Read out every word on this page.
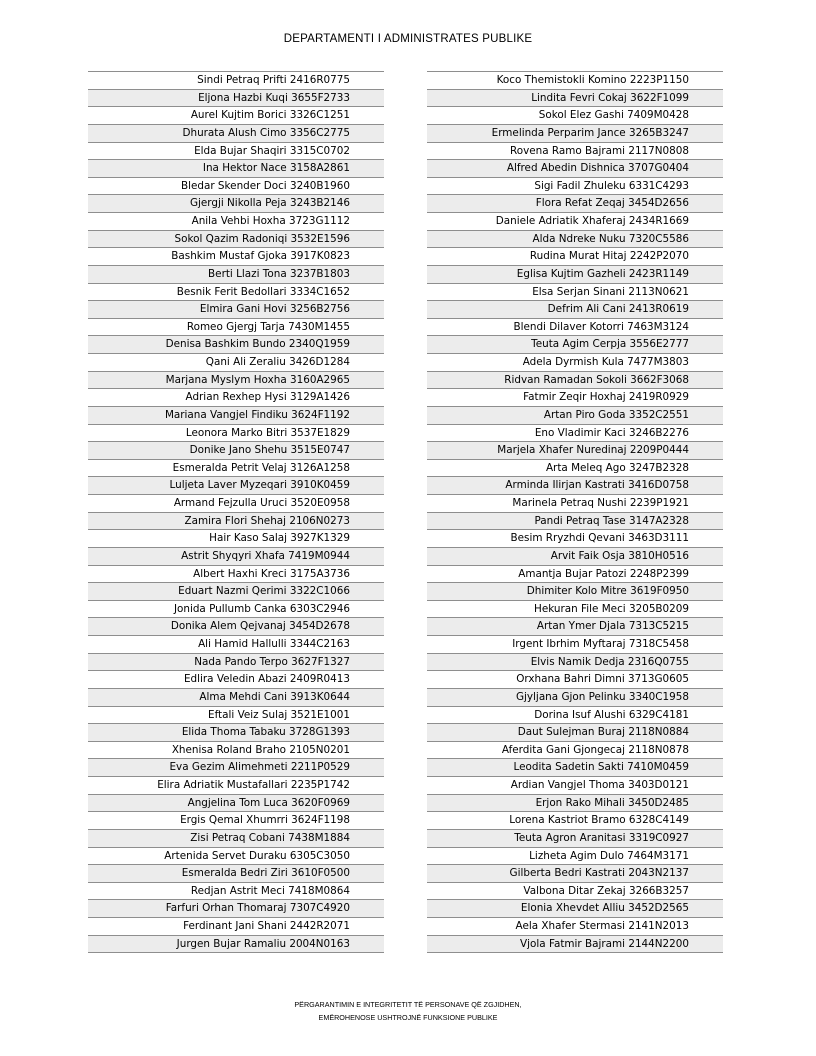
DEPARTAMENTI I ADMINISTRATES PUBLIKE
Sindi Petraq Prifti 2416R0775
Eljona Hazbi Kuqi 3655F2733
Aurel Kujtim Borici 3326C1251
Dhurata Alush Cimo 3356C2775
Elda Bujar Shaqiri 3315C0702
Ina Hektor Nace 3158A2861
Bledar Skender Doci 3240B1960
Gjergji Nikolla Peja 3243B2146
Anila Vehbi Hoxha 3723G1112
Sokol Qazim Radoniqi 3532E1596
Bashkim Mustaf Gjoka 3917K0823
Berti Llazi Tona 3237B1803
Besnik Ferit Bedollari 3334C1652
Elmira Gani Hovi 3256B2756
Romeo Gjergj Tarja 7430M1455
Denisa Bashkim Bundo 2340Q1959
Qani Ali Zeraliu 3426D1284
Marjana Myslym Hoxha 3160A2965
Adrian Rexhep Hysi 3129A1426
Mariana Vangjel Findiku 3624F1192
Leonora Marko Bitri 3537E1829
Donike Jano Shehu 3515E0747
Esmeralda Petrit Velaj 3126A1258
Luljeta Laver Myzeqari 3910K0459
Armand Fejzulla Uruci 3520E0958
Zamira Flori Shehaj 2106N0273
Hair Kaso Salaj 3927K1329
Astrit Shyqyri Xhafa 7419M0944
Albert Haxhi Kreci 3175A3736
Eduart Nazmi Qerimi 3322C1066
Jonida Pullumb Canka 6303C2946
Donika Alem Qejvanaj 3454D2678
Ali Hamid Hallulli 3344C2163
Nada Pando Terpo 3627F1327
Edlira Veledin Abazi 2409R0413
Alma Mehdi Cani 3913K0644
Eftali Veiz Sulaj 3521E1001
Elida Thoma Tabaku 3728G1393
Xhenisa Roland Braho 2105N0201
Eva Gezim Alimehmeti 2211P0529
Elira Adriatik Mustafallari 2235P1742
Angjelina Tom Luca 3620F0969
Ergis Qemal Xhumrri 3624F1198
Zisi Petraq Cobani 7438M1884
Artenida Servet Duraku 6305C3050
Esmeralda Bedri Ziri 3610F0500
Redjan Astrit Meci 7418M0864
Farfuri Orhan Thomaraj 7307C4920
Ferdinant Jani Shani 2442R2071
Jurgen Bujar Ramaliu 2004N0163
Koco Themistokli Komino 2223P1150
Lindita Fevri Cokaj 3622F1099
Sokol Elez Gashi 7409M0428
Ermelinda Perparim Jance 3265B3247
Rovena Ramo Bajrami 2117N0808
Alfred Abedin Dishnica 3707G0404
Sigi Fadil Zhuleku 6331C4293
Flora Refat Zeqaj 3454D2656
Daniele Adriatik Xhaferaj 2434R1669
Alda Ndreke Nuku 7320C5586
Rudina Murat Hitaj 2242P2070
Eglisa Kujtim Gazheli 2423R1149
Elsa Serjan Sinani 2113N0621
Defrim Ali Cani 2413R0619
Blendi Dilaver Kotorri 7463M3124
Teuta Agim Cerpja 3556E2777
Adela Dyrmish Kula 7477M3803
Ridvan Ramadan Sokoli 3662F3068
Fatmir Zeqir Hoxhaj 2419R0929
Artan Piro Goda 3352C2551
Eno Vladimir Kaci 3246B2276
Marjela Xhafer Nuredinaj 2209P0444
Arta Meleq Ago 3247B2328
Arminda Ilirjan Kastrati 3416D0758
Marinela Petraq Nushi 2239P1921
Pandi Petraq Tase 3147A2328
Besim Rryzhdi Qevani 3463D3111
Arvit Faik Osja 3810H0516
Amantja Bujar Patozi 2248P2399
Dhimiter Kolo Mitre 3619F0950
Hekuran File Meci 3205B0209
Artan Ymer Djala 7313C5215
Irgent Ibrhim Myftaraj 7318C5458
Elvis Namik Dedja 2316Q0755
Orxhana Bahri Dimni 3713G0605
Gjyljana Gjon Pelinku 3340C1958
Dorina Isuf Alushi 6329C4181
Daut Sulejman Buraj 2118N0884
Aferdita Gani Gjongecaj 2118N0878
Leodita Sadetin Sakti 7410M0459
Ardian Vangjel Thoma 3403D0121
Erjon Rako Mihali 3450D2485
Lorena Kastriot Bramo 6328C4149
Teuta Agron Aranitasi 3319C0927
Lizheta Agim Dulo 7464M3171
Gilberta Bedri Kastrati 2043N2137
Valbona Ditar Zekaj 3266B3257
Elonia Xhevdet Alliu 3452D2565
Aela Xhafer Stermasi 2141N2013
Vjola Fatmir Bajrami 2144N2200
PËRGARANTIMIN E INTEGRITETIT TË PERSONAVE QË ZGJIDHEN,
EMËROHENOSE USHTROJNË FUNKSIONE PUBLIKE
